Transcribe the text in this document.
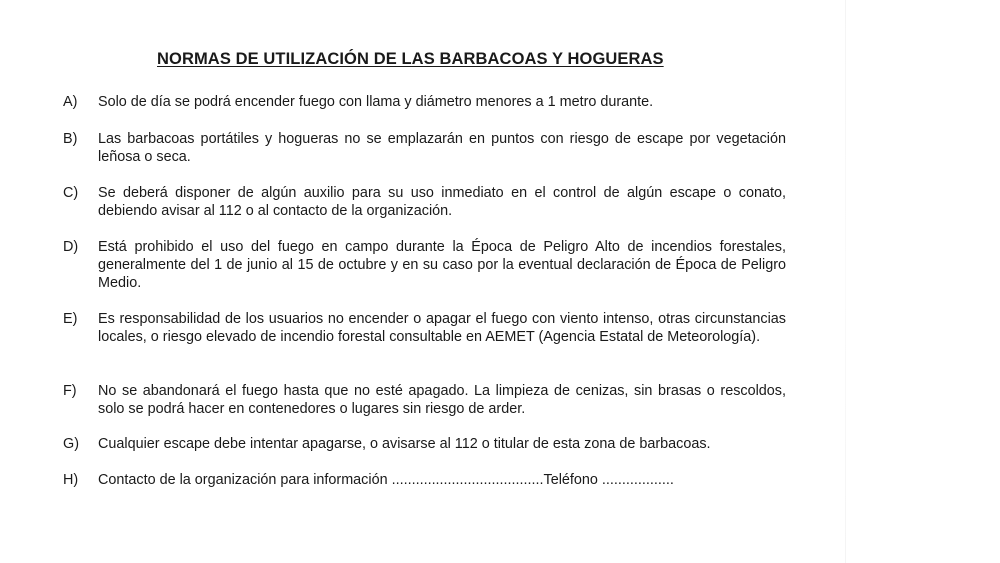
NORMAS DE UTILIZACIÓN DE LAS BARBACOAS Y HOGUERAS
A)	Solo de día se podrá encender fuego con llama y diámetro menores a 1 metro durante.
B)	Las barbacoas portátiles y hogueras no se emplazarán en puntos con riesgo de escape por vegetación leñosa o seca.
C)	Se deberá disponer de algún auxilio para su uso inmediato en el control de algún escape o conato, debiendo avisar al 112 o al contacto de la organización.
D)	Está prohibido el uso del fuego en campo durante la Época de Peligro Alto de incendios forestales, generalmente del 1 de junio al 15 de octubre y en su caso por la eventual declaración de Época de Peligro Medio.
E)	Es responsabilidad de los usuarios no encender o apagar el fuego con viento intenso, otras circunstancias locales, o riesgo elevado de incendio forestal consultable en AEMET (Agencia Estatal de Meteorología).
F)	No se abandonará el fuego hasta que no esté apagado. La limpieza de cenizas, sin brasas o rescoldos, solo se podrá hacer en contenedores o lugares sin riesgo de arder.
G)	Cualquier escape debe intentar apagarse, o avisarse al 112 o titular de esta zona de barbacoas.
H)	Contacto de la organización para información ......................................Teléfono ..................
